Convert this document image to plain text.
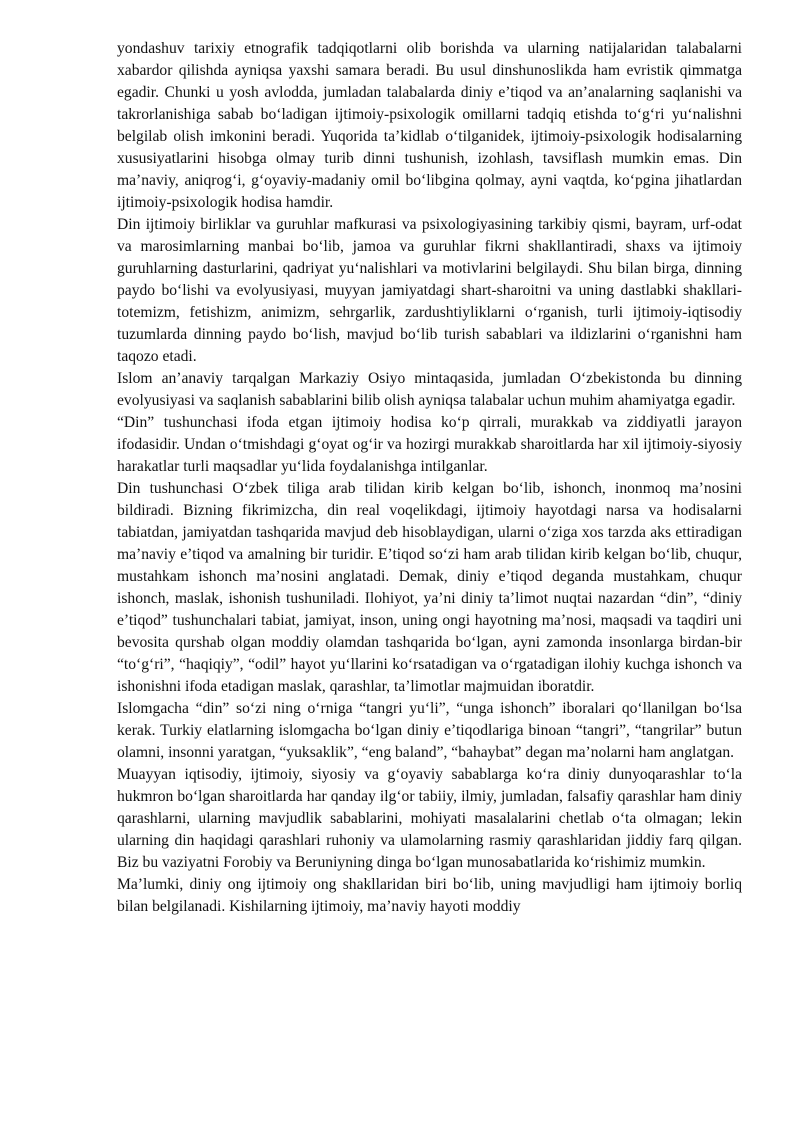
yondashuv tarixiy etnografik tadqiqotlarni olib borishda va ularning natijalaridan talabalarni xabardor qilishda ayniqsa yaxshi samara beradi. Bu usul dinshunoslikda ham evristik qimmatga egadir. Chunki u yosh avlodda, jumladan talabalarda diniy e’tiqod va an’analarning saqlanishi va takrorlanishiga sabab bo‘ladigan ijtimoiy-psixologik omillarni tadqiq etishda to‘g‘ri yu‘nalishni belgilab olish imkonini beradi. Yuqorida ta’kidlab o‘tilganidek, ijtimoiy-psixologik hodisalarning xususiyatlarini hisobga olmay turib dinni tushunish, izohlash, tavsiflash mumkin emas. Din ma’naviy, aniqrog‘i, g‘oyaviy-madaniy omil bo‘libgina qolmay, ayni vaqtda, ko‘pgina jihatlardan ijtimoiy-psixologik hodisa hamdir.

Din ijtimoiy birliklar va guruhlar mafkurasi va psixologiyasining tarkibiy qismi, bayram, urf-odat va marosimlarning manbai bo‘lib, jamoa va guruhlar fikrni shakllantiradi, shaxs va ijtimoiy guruhlarning dasturlarini, qadriyat yu‘nalishlari va motivlarini belgilaydi. Shu bilan birga, dinning paydo bo‘lishi va evolyusiyasi, muyyan jamiyatdagi shart-sharoitni va uning dastlabki shakllari-totemizm, fetishizm, animizm, sehrgarlik, zardushtiyliklarni o‘rganish, turli ijtimoiy-iqtisodiy tuzumlarda dinning paydo bo‘lish, mavjud bo‘lib turish sabablari va ildizlarini o‘rganishni ham taqozo etadi.

Islom an’anaviy tarqalgan Markaziy Osiyo mintaqasida, jumladan O‘zbekistonda bu dinning evolyusiyasi va saqlanish sabablarini bilib olish ayniqsa talabalar uchun muhim ahamiyatga egadir.

“Din” tushunchasi ifoda etgan ijtimoiy hodisa ko‘p qirrali, murakkab va ziddiyatli jarayon ifodasidir. Undan o‘tmishdagi g‘oyat og‘ir va hozirgi murakkab sharoitlarda har xil ijtimoiy-siyosiy harakatlar turli maqsadlar yu‘lida foydalanishga intilganlar.

Din tushunchasi O‘zbek tiliga arab tilidan kirib kelgan bo‘lib, ishonch, inonmoq ma’nosini bildiradi. Bizning fikrimizcha, din real voqelikdagi, ijtimoiy hayotdagi narsa va hodisalarni tabiatdan, jamiyatdan tashqarida mavjud deb hisoblaydigan, ularni o‘ziga xos tarzda aks ettiradigan ma’naviy e’tiqod va amalning bir turidir. E’tiqod so‘zi ham arab tilidan kirib kelgan bo‘lib, chuqur, mustahkam ishonch ma’nosini anglatadi. Demak, diniy e’tiqod deganda mustahkam, chuqur ishonch, maslak, ishonish tushuniladi. Ilohiyot, ya’ni diniy ta’limot nuqtai nazardan “din”, “diniy e’tiqod” tushunchalari tabiat, jamiyat, inson, uning ongi hayotning ma’nosi, maqsadi va taqdiri uni bevosita qurshab olgan moddiy olamdan tashqarida bo‘lgan, ayni zamonda insonlarga birdan-bir “to‘g‘ri”, “haqiqiy”, “odil” hayot yu‘llarini ko‘rsatadigan va o‘rgatadigan ilohiy kuchga ishonch va ishonishni ifoda etadigan maslak, qarashlar, ta’limotlar majmuidan iboratdir.

Islomgacha “din” so‘zi ning o‘rniga “tangri yu‘li”, “unga ishonch” iboralari qo‘llanilgan bo‘lsa kerak. Turkiy elatlarning islomgacha bo‘lgan diniy e’tiqodlariga binoan “tangri”, “tangrilar” butun olamni, insonni yaratgan, “yuksaklik”, “eng baland”, “bahaybat” degan ma’nolarni ham anglatgan.

Muayyan iqtisodiy, ijtimoiy, siyosiy va g‘oyaviy sabablarga ko‘ra diniy dunyoqarashlar to‘la hukmron bo‘lgan sharoitlarda har qanday ilg‘or tabiiy, ilmiy, jumladan, falsafiy qarashlar ham diniy qarashlarni, ularning mavjudlik sabablarini, mohiyati masalalarini chetlab o‘ta olmagan; lekin ularning din haqidagi qarashlari ruhoniy va ulamolarning rasmiy qarashlaridan jiddiy farq qilgan. Biz bu vaziyatni Forobiy va Beruniyning dinga bo‘lgan munosabatlarida ko‘rishimiz mumkin.

Ma’lumki, diniy ong ijtimoiy ong shakllaridan biri bo‘lib, uning mavjudligi ham ijtimoiy borliq bilan belgilanadi. Kishilarning ijtimoiy, ma’naviy hayoti moddiy
